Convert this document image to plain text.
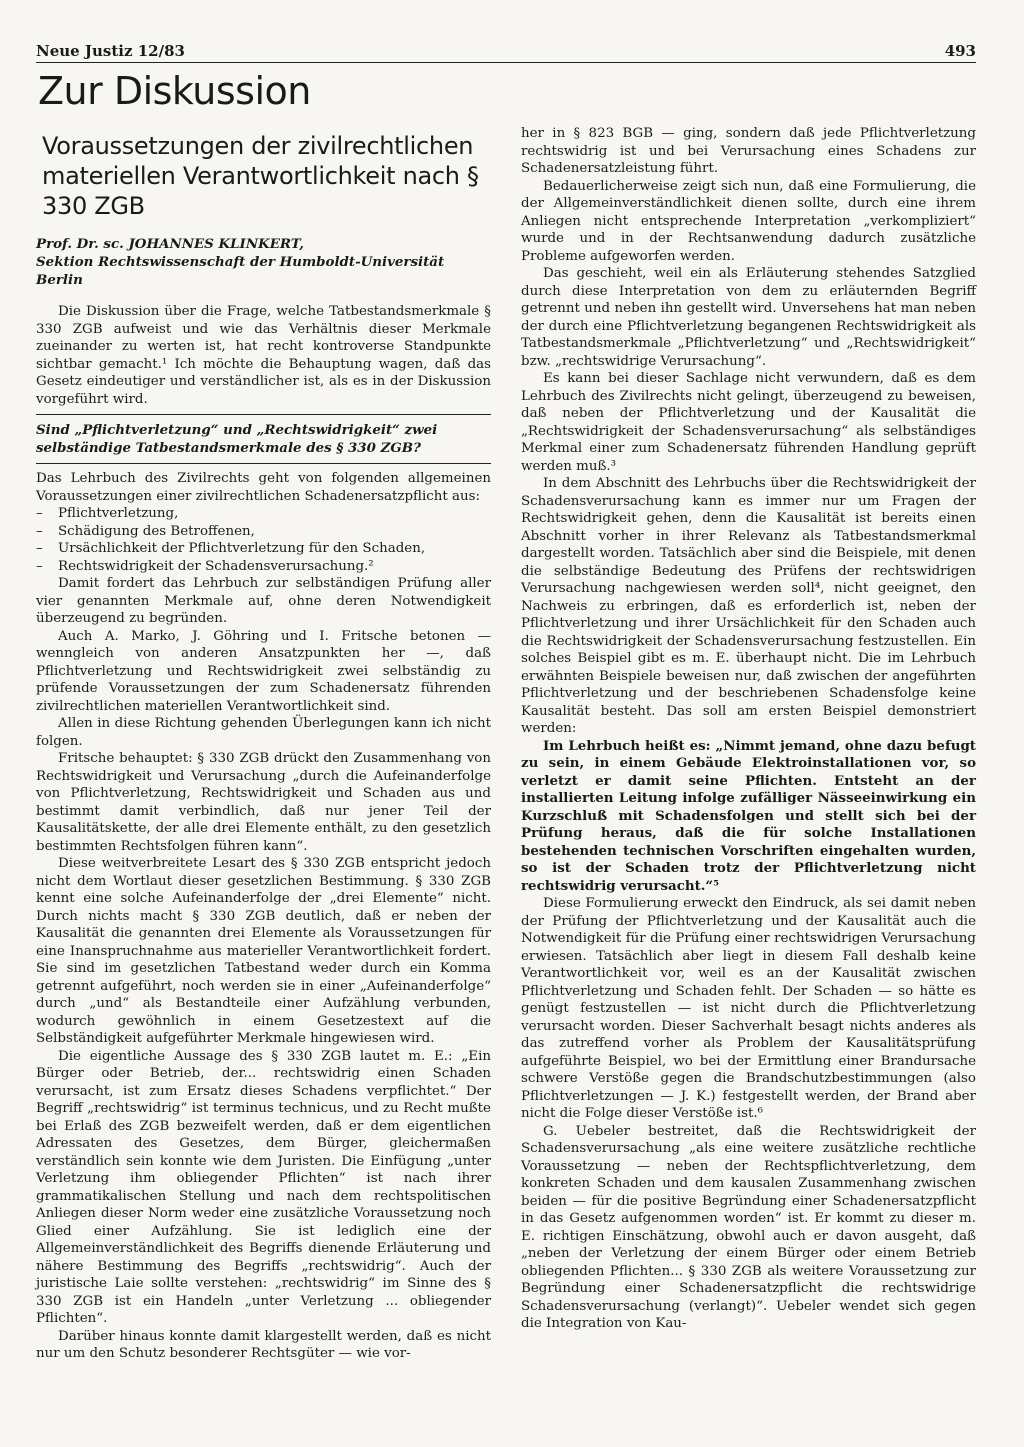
Neue Justiz 12/83	493
Zur Diskussion
Voraussetzungen der zivilrechtlichen materiellen Verantwortlichkeit nach § 330 ZGB
Prof. Dr. sc. JOHANNES KLINKERT,
Sektion Rechtswissenschaft der Humboldt-Universität Berlin

Die Diskussion über die Frage, welche Tatbestandsmerkmale § 330 ZGB aufweist und wie das Verhältnis dieser Merkmale zueinander zu werten ist, hat recht kontroverse Standpunkte sichtbar gemacht.¹ Ich möchte die Behauptung wagen, daß das Gesetz eindeutiger und verständlicher ist, als es in der Diskussion vorgeführt wird.

Sind „Pflichtverletzung“ und „Rechtswidrigkeit“ zwei selbständige Tatbestandsmerkmale des § 330 ZGB?

Das Lehrbuch des Zivilrechts geht von folgenden allgemeinen Voraussetzungen einer zivilrechtlichen Schadenersatzpflicht aus:

– Pflichtverletzung,
– Schädigung des Betroffenen,
– Ursächlichkeit der Pflichtverletzung für den Schaden,
– Rechtswidrigkeit der Schadensverursachung.²

Damit fordert das Lehrbuch zur selbständigen Prüfung aller vier genannten Merkmale auf, ohne deren Notwendigkeit überzeugend zu begründen.

Auch A. Marko, J. Göhring und I. Fritsche betonen — wenngleich von anderen Ansatzpunkten her —, daß Pflichtverletzung und Rechtswidrigkeit zwei selbständig zu prüfende Voraussetzungen der zum Schadenersatz führenden zivilrechtlichen materiellen Verantwortlichkeit sind.

Allen in diese Richtung gehenden Überlegungen kann ich nicht folgen.

Fritsche behauptet: § 330 ZGB drückt den Zusammenhang von Rechtswidrigkeit und Verursachung „durch die Aufeinanderfolge von Pflichtverletzung, Rechtswidrigkeit und Schaden aus und bestimmt damit verbindlich, daß nur jener Teil der Kausalitätskette, der alle drei Elemente enthält, zu den gesetzlich bestimmten Rechtsfolgen führen kann“.

Diese weitverbreitete Lesart des § 330 ZGB entspricht jedoch nicht dem Wortlaut dieser gesetzlichen Bestimmung. § 330 ZGB kennt eine solche Aufeinanderfolge der „drei Elemente“ nicht. Durch nichts macht § 330 ZGB deutlich, daß er neben der Kausalität die genannten drei Elemente als Voraussetzungen für eine Inanspruchnahme aus materieller Verantwortlichkeit fordert. Sie sind im gesetzlichen Tatbestand weder durch ein Komma getrennt aufgeführt, noch werden sie in einer „Aufeinanderfolge“ durch „und“ als Bestandteile einer Aufzählung verbunden, wodurch gewöhnlich in einem Gesetzestext auf die Selbständigkeit aufgeführter Merkmale hingewiesen wird.

Die eigentliche Aussage des § 330 ZGB lautet m. E.: „Ein Bürger oder Betrieb, der... rechtswidrig einen Schaden verursacht, ist zum Ersatz dieses Schadens verpflichtet.“ Der Begriff „rechtswidrig“ ist terminus technicus, und zu Recht mußte bei Erlaß des ZGB bezweifelt werden, daß er dem eigentlichen Adressaten des Gesetzes, dem Bürger, gleichermaßen verständlich sein konnte wie dem Juristen. Die Einfügung „unter Verletzung ihm obliegender Pflichten“ ist nach ihrer grammatikalischen Stellung und nach dem rechtspolitischen Anliegen dieser Norm weder eine zusätzliche Voraussetzung noch Glied einer Aufzählung. Sie ist lediglich eine der Allgemeinverständlichkeit des Begriffs dienende Erläuterung und nähere Bestimmung des Begriffs „rechtswidrig“. Auch der juristische Laie sollte verstehen: „rechtswidrig“ im Sinne des § 330 ZGB ist ein Handeln „unter Verletzung ... obliegender Pflichten“.

Darüber hinaus konnte damit klargestellt werden, daß es nicht nur um den Schutz besonderer Rechtsgüter — wie vor-

her in § 823 BGB — ging, sondern daß jede Pflichtverletzung rechtswidrig ist und bei Verursachung eines Schadens zur Schadenersatzleistung führt.

Bedauerlicherweise zeigt sich nun, daß eine Formulierung, die der Allgemeinverständlichkeit dienen sollte, durch eine ihrem Anliegen nicht entsprechende Interpretation „verkompliziert“ wurde und in der Rechtsanwendung dadurch zusätzliche Probleme aufgeworfen werden.

Das geschieht, weil ein als Erläuterung stehendes Satzglied durch diese Interpretation von dem zu erläuternden Begriff getrennt und neben ihn gestellt wird. Unversehens hat man neben der durch eine Pflichtverletzung begangenen Rechtswidrigkeit als Tatbestandsmerkmale „Pflichtverletzung“ und „Rechtswidrigkeit“ bzw. „rechtswidrige Verursachung“.

Es kann bei dieser Sachlage nicht verwundern, daß es dem Lehrbuch des Zivilrechts nicht gelingt, überzeugend zu beweisen, daß neben der Pflichtverletzung und der Kausalität die „Rechtswidrigkeit der Schadensverursachung“ als selbständiges Merkmal einer zum Schadenersatz führenden Handlung geprüft werden muß.³

In dem Abschnitt des Lehrbuchs über die Rechtswidrigkeit der Schadensverursachung kann es immer nur um Fragen der Rechtswidrigkeit gehen, denn die Kausalität ist bereits einen Abschnitt vorher in ihrer Relevanz als Tatbestandsmerkmal dargestellt worden. Tatsächlich aber sind die Beispiele, mit denen die selbständige Bedeutung des Prüfens der rechtswidrigen Verursachung nachgewiesen werden soll⁴, nicht geeignet, den Nachweis zu erbringen, daß es erforderlich ist, neben der Pflichtverletzung und ihrer Ursächlichkeit für den Schaden auch die Rechtswidrigkeit der Schadensverursachung festzustellen. Ein solches Beispiel gibt es m. E. überhaupt nicht. Die im Lehrbuch erwähnten Beispiele beweisen nur, daß zwischen der angeführten Pflichtverletzung und der beschriebenen Schadensfolge keine Kausalität besteht. Das soll am ersten Beispiel demonstriert werden:

Im Lehrbuch heißt es: „Nimmt jemand, ohne dazu befugt zu sein, in einem Gebäude Elektroinstallationen vor, so verletzt er damit seine Pflichten. Entsteht an der installierten Leitung infolge zufälliger Nässeeinwirkung ein Kurzschluß mit Schadensfolgen und stellt sich bei der Prüfung heraus, daß die für solche Installationen bestehenden technischen Vorschriften eingehalten wurden, so ist der Schaden trotz der Pflichtverletzung nicht rechtswidrig verursacht.“⁵

Diese Formulierung erweckt den Eindruck, als sei damit neben der Prüfung der Pflichtverletzung und der Kausalität auch die Notwendigkeit für die Prüfung einer rechtswidrigen Verursachung erwiesen. Tatsächlich aber liegt in diesem Fall deshalb keine Verantwortlichkeit vor, weil es an der Kausalität zwischen Pflichtverletzung und Schaden fehlt. Der Schaden — so hätte es genügt festzustellen — ist nicht durch die Pflichtverletzung verursacht worden. Dieser Sachverhalt besagt nichts anderes als das zutreffend vorher als Problem der Kausalitätsprüfung aufgeführte Beispiel, wo bei der Ermittlung einer Brandursache schwere Verstöße gegen die Brandschutzbestimmungen (also Pflichtverletzungen — J. K.) festgestellt werden, der Brand aber nicht die Folge dieser Verstöße ist.⁶

G. Uebeler bestreitet, daß die Rechtswidrigkeit der Schadensverursachung „als eine weitere zusätzliche rechtliche Voraussetzung — neben der Rechtspflichtverletzung, dem konkreten Schaden und dem kausalen Zusammenhang zwischen beiden — für die positive Begründung einer Schadenersatzpflicht in das Gesetz aufgenommen worden“ ist. Er kommt zu dieser m. E. richtigen Einschätzung, obwohl auch er davon ausgeht, daß „neben der Verletzung der einem Bürger oder einem Betrieb obliegenden Pflichten... § 330 ZGB als weitere Voraussetzung zur Begründung einer Schadenersatzpflicht die rechtswidrige Schadensverursachung (verlangt)“. Uebeler wendet sich gegen die Integration von Kau-
